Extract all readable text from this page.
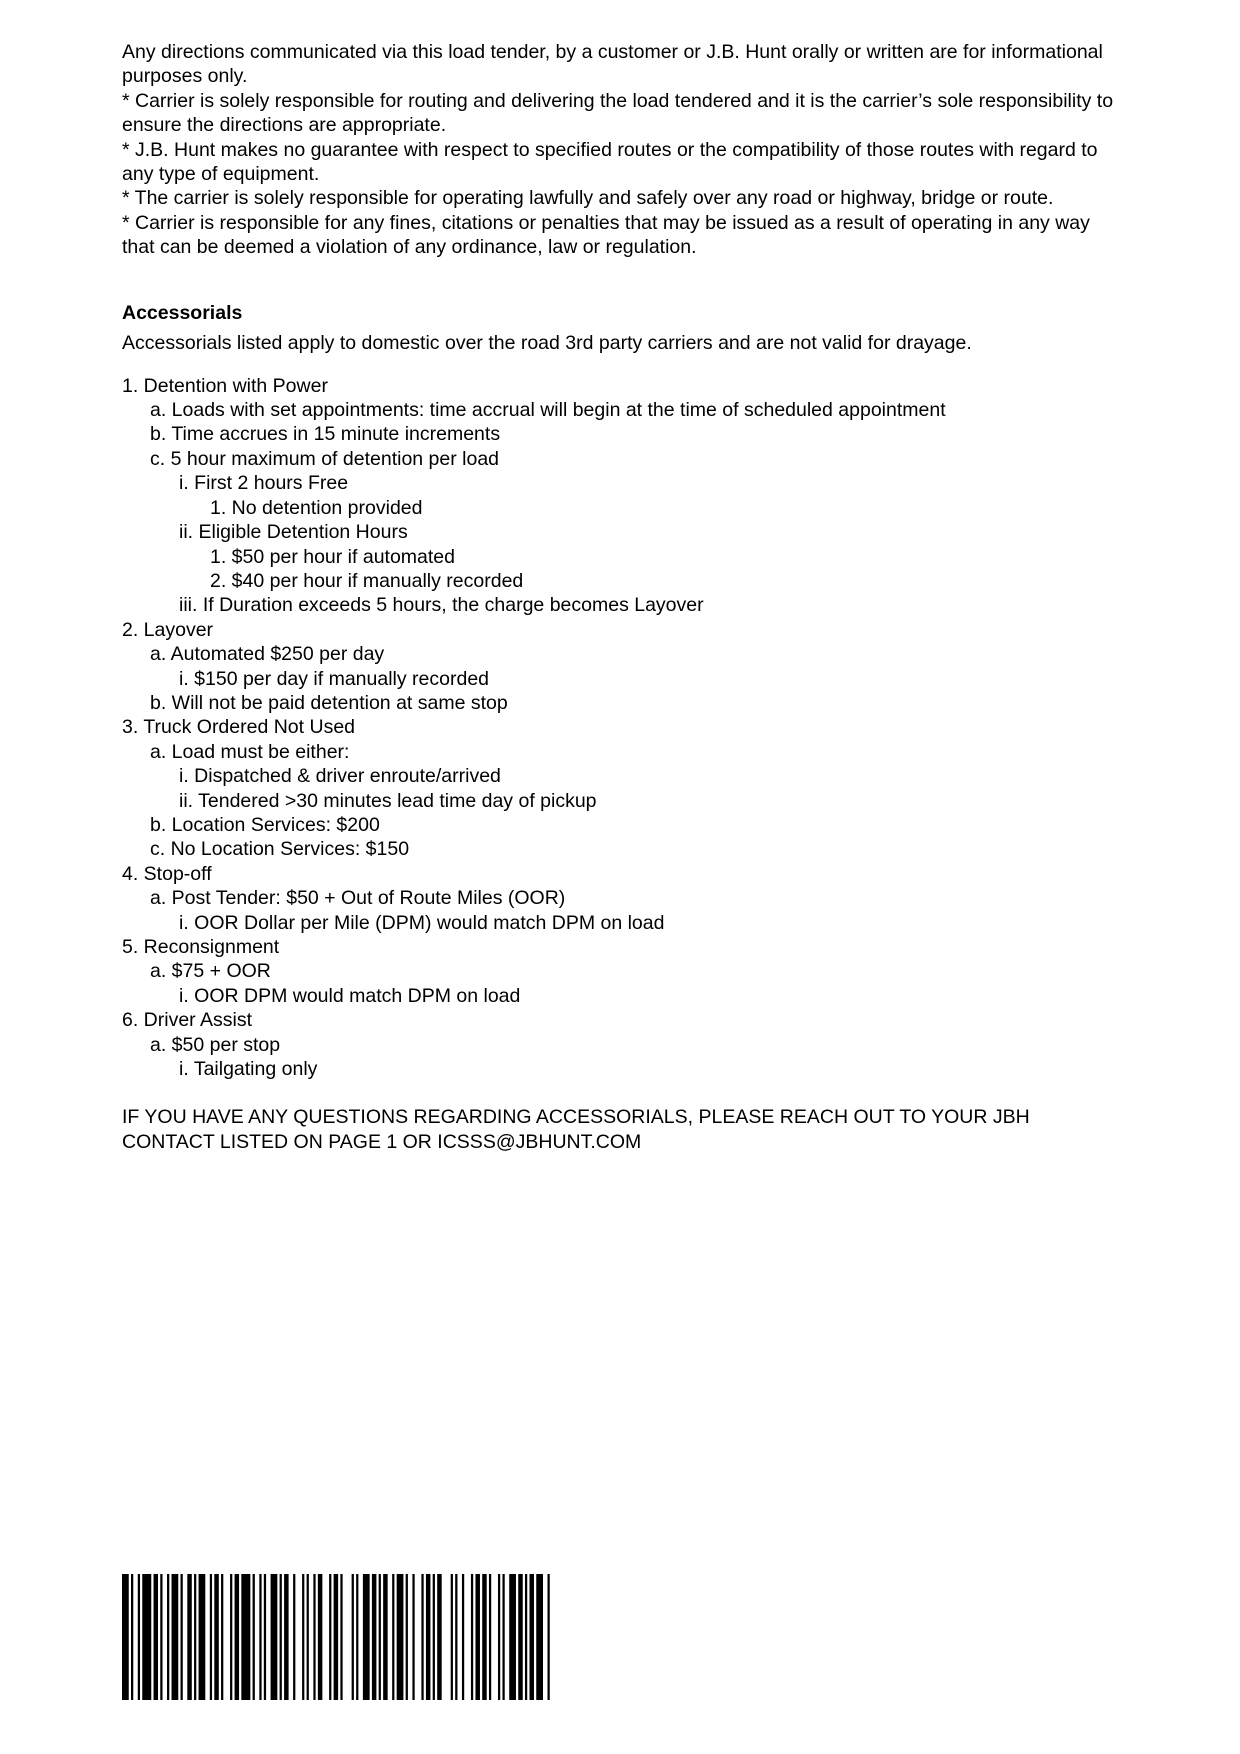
Any directions communicated via this load tender, by a customer or J.B. Hunt orally or written are for informational purposes only.

* Carrier is solely responsible for routing and delivering the load tendered and it is the carrier’s sole responsibility to ensure the directions are appropriate.

* J.B. Hunt makes no guarantee with respect to specified routes or the compatibility of those routes with regard to any type of equipment.

* The carrier is solely responsible for operating lawfully and safely over any road or highway, bridge or route.

* Carrier is responsible for any fines, citations or penalties that may be issued as a result of operating in any way that can be deemed a violation of any ordinance, law or regulation.

Accessorials

Accessorials listed apply to domestic over the road 3rd party carriers and are not valid for drayage.

1. Detention with Power
a. Loads with set appointments: time accrual will begin at the time of scheduled appointment
b. Time accrues in 15 minute increments
c. 5 hour maximum of detention per load
i. First 2 hours Free
1. No detention provided
ii. Eligible Detention Hours
1. $50 per hour if automated
2. $40 per hour if manually recorded
iii. If Duration exceeds 5 hours, the charge becomes Layover
2. Layover
a. Automated $250 per day
i. $150 per day if manually recorded
b. Will not be paid detention at same stop
3. Truck Ordered Not Used
a. Load must be either:
i. Dispatched & driver enroute/arrived
ii. Tendered >30 minutes lead time day of pickup
b. Location Services: $200
c. No Location Services: $150
4. Stop-off
a. Post Tender: $50 + Out of Route Miles (OOR)
i. OOR Dollar per Mile (DPM) would match DPM on load
5. Reconsignment
a. $75 + OOR
i. OOR DPM would match DPM on load
6. Driver Assist
a. $50 per stop
i. Tailgating only

IF YOU HAVE ANY QUESTIONS REGARDING ACCESSORIALS, PLEASE REACH OUT TO YOUR JBH CONTACT LISTED ON PAGE 1 OR ICSSS@JBHUNT.COM
